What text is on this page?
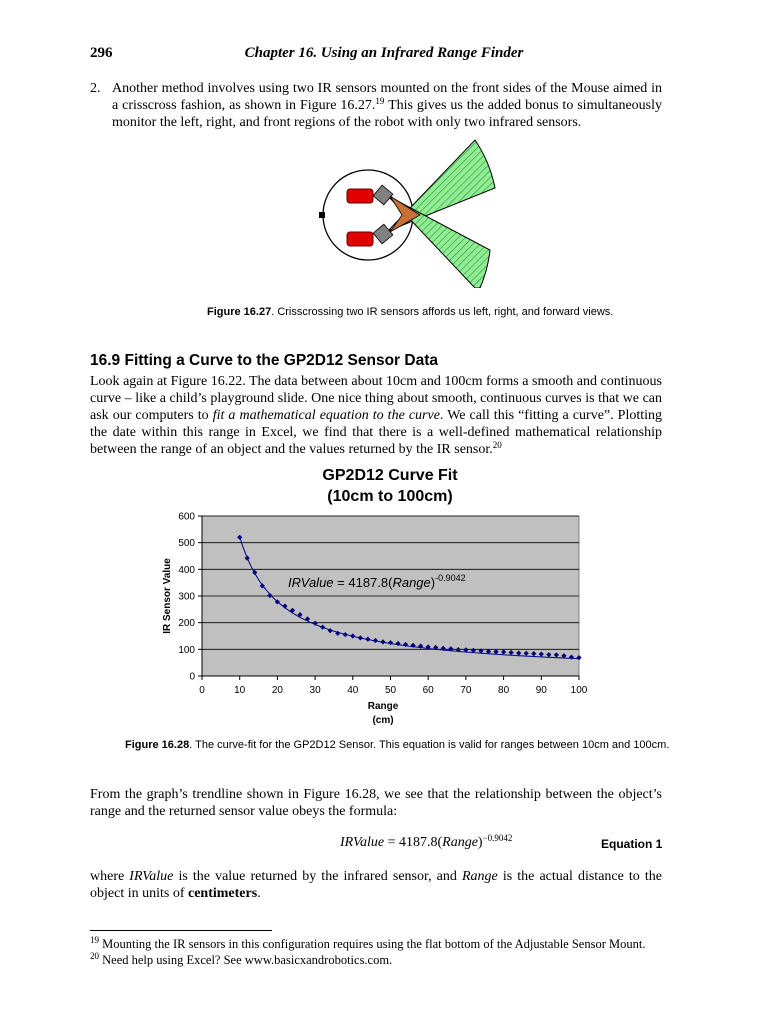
296	Chapter 16. Using an Infrared Range Finder
2. Another method involves using two IR sensors mounted on the front sides of the Mouse aimed in a crisscross fashion, as shown in Figure 16.27.19 This gives us the added bonus to simultaneously monitor the left, right, and front regions of the robot with only two infrared sensors.
Figure 16.27. Crisscrossing two IR sensors affords us left, right, and forward views.
16.9 Fitting a Curve to the GP2D12 Sensor Data
Look again at Figure 16.22. The data between about 10cm and 100cm forms a smooth and continuous curve – like a child’s playground slide. One nice thing about smooth, continuous curves is that we can ask our computers to fit a mathematical equation to the curve. We call this “fitting a curve”. Plotting the date within this range in Excel, we find that there is a well-defined mathematical relationship between the range of an object and the values returned by the IR sensor.$^{20}$
GP2D12 Curve Fit
(10cm to 100cm)
0
100
200
300
400
500
600
0	10	20	30	40	50	60	70	80	90 100
IRValue = 4187.8(Range)$^{-0.9042}$
IR Sensor Value
Range
(cm)
Figure 16.28. The curve-fit for the GP2D12 Sensor. This equation is valid for ranges between 10cm and 100cm.
From the graph’s trendline shown in Figure 16.28, we see that the relationship between the object’s range and the returned sensor value obeys the formula:
IRValue = 4187.8(Range)$^{-0.9042}$	Equation 1
where IRValue is the value returned by the infrared sensor, and Range is the actual distance to the object in units of centimeters.
$^{19}$ Mounting the IR sensors in this configuration requires using the flat bottom of the Adjustable Sensor Mount.
$^{20}$ Need help using Excel? See www.basicxandrobotics.com.
